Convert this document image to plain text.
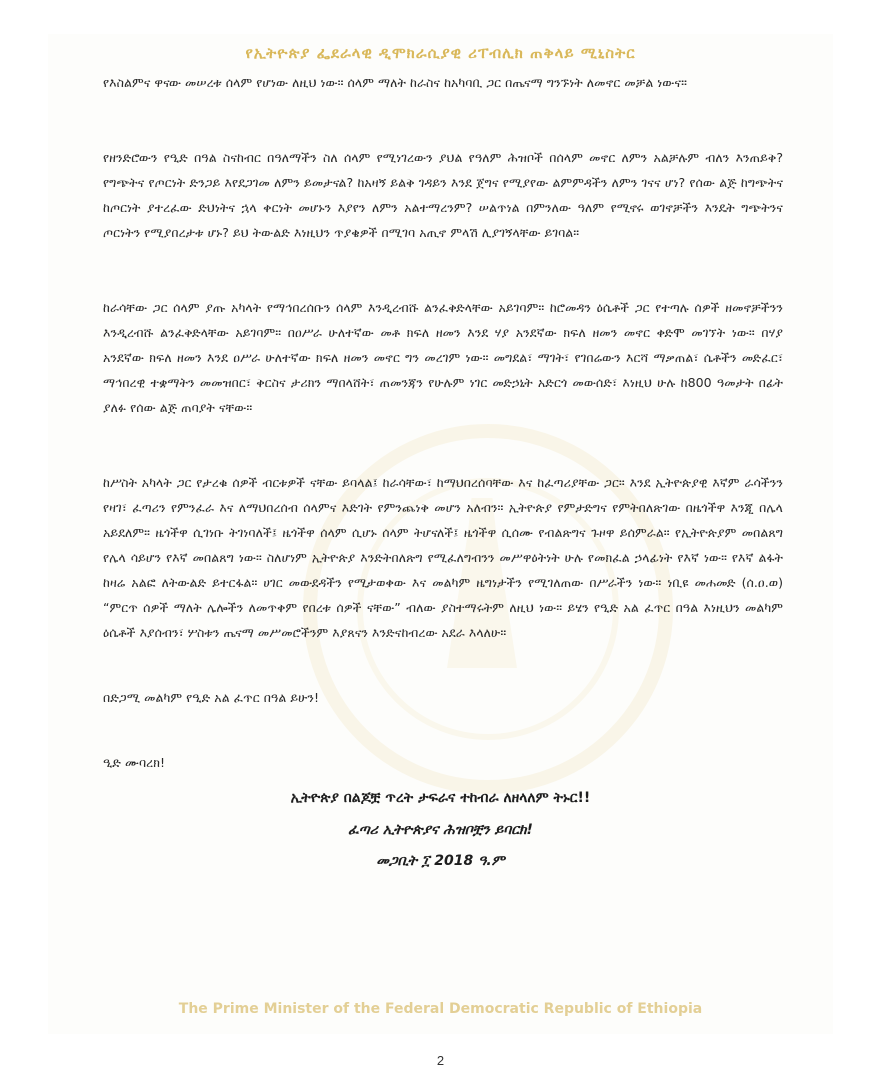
የኢትዮጵያ ፌደራላዊ ዲሞክራሲያዊ ሪፐብሊክ ጠቅላይ ሚኒስትር

የእስልምና ዋናው መሠረቱ ሰላም የሆነው ለዚህ ነው። ሰላም ማለት ከራስና ከአካባቢ ጋር በጤናማ ግንኙነት ለመኖር መቻል ነውና።

የዘንድሮውን የዒድ በዓል ስናከብር በዓለማችን ስለ ሰላም የሚነገረውን ያህል የዓለም ሕዝቦች በሰላም መኖር ለምን አልቻሉም ብለን እንጠይቅ? የግጭትና የጦርነት ድንጋይ እየደጋገመ ለምን ይመታናል? ከአዛኝ ይልቅ ገዳይን እንደ ጀግና የሚያየው ልምምዳችን ለምን ገናና ሆነ? የሰው ልጅ ከግጭትና ከጦርነት ያተረፈው ድህነትና ኋላ ቀርነት መሆኑን እያየን ለምን አልተማረንም? ሠልጥነል በምንለው ዓለም የሚኖሩ ወገኖቻችን እንዴት ግጭትንና ጦርነትን የሚያበረታቱ ሆኑ? ይህ ትውልድ እነዚህን ጥያቄዎች በሚገባ አጢኖ ምላሽ ሊያገኝላቸው ይገባል።

ከራሳቸው ጋር ሰላም ያጡ አካላት የማኅበረሰቡን ሰላም እንዲረብሹ ልንፈቅድላቸው አይገባም። ከሮመዳን ዕሴቶች ጋር የተጣሉ ሰዎች ዘመኖቻችንን እንዲረብሹ ልንፈቅድላቸው አይገባም። በዐሥራ ሁለተኛው መቶ ክፍለ ዘመን እንደ ሃያ አንደኛው ክፍለ ዘመን መኖር ቀድሞ መገኘት ነው። በሃያ አንደኛው ክፍለ ዘመን እንደ ዐሥራ ሁለተኛው ክፍለ ዘመን መኖር ግን መረገም ነው። መግደል፣ ማገት፣ የገበሬውን እርሻ ማቃጠል፣ ሴቶችን መድፈር፣ ማኅበረዊ ተቋማትን መመዝበር፣ ቅርስና ታሪክን ማበላሸት፣ ጠመንጃን የሁሉም ነገር መድኃኒት አድርጎ መውሰድ፣ እነዚህ ሁሉ ከ800 ዓመታት በፊት ያለፉ የሰው ልጅ ጠባያት ናቸው።

ከሥስት አካላት ጋር የታረቁ ሰዎች ብርቱዎች ናቸው ይባላል፤ ከራሳቸው፣ ከማህበረሰባቸው እና ከፈጣሪያቸው ጋር። እንደ ኢትዮጵያዊ እኛም ራሳችንን የዛገ፣ ፈጣሪን የምንፈራ እና ለማህበረሰብ ሰላምና እድገት የምንጨነቅ መሆን አለብን። ኢትዮጵያ የምታድግና የምትበለጽገው በዜጎችዋ እንጂ በሌላ አይደለም። ዜጎችዋ ሲገነቡ ትገነባለች፤ ዜጎችዋ ሰላም ሲሆኑ ሰላም ትሆናለች፤ ዜጎችዋ ሲሰሙ የብልጽግና ጉዞዋ ይሰምራል። የኢትዮጵያም መበልጸግ የሌላ ሳይሆን የእኛ መበልጸግ ነው። ስለሆነም ኢትዮጵያ እንድትበለጽግ የሚፈለግብንን መሥዋዕትነት ሁሉ የመክፈል ኃላፊነት የእኛ ነው። የእኛ ልፋት ከዛሬ አልፎ ለትውልድ ይተርፋል። ሀገር መውደዳችን የሚታወቀው እና መልካም ዜግነታችን የሚገለጠው በሥራችን ነው። ነቢዩ መሐመድ (ሰ.ዐ.ወ) “ምርጥ ሰዎች ማለት ሌሎችን ለመጥቀም የበረቱ ሰዎች ናቸው” ብለው ያስተማሩትም ለዚህ ነው። ይሄን የዒድ አል ፈጥር በዓል እነዚህን መልካም ዕሴቶች እያሰብን፣ ሦስቱን ጤናማ መሥመሮችንም እያጸናን እንድናከብረው አደራ እላለሁ።

በድጋሚ መልካም የዒድ አል ፈጥር በዓል ይሁን!

ዒድ ሙባረክ!

ኢትዮጵያ በልጆቿ ጥረት ታፍራና ተከብራ ለዘላለም ትኑር!!
ፈጣሪ ኢትዮጵያና ሕዝቦቿን ይባርክ!
መጋቢት ፲ 2018 ዓ.ም
The Prime Minister of the Federal Democratic Republic of Ethiopia
2
